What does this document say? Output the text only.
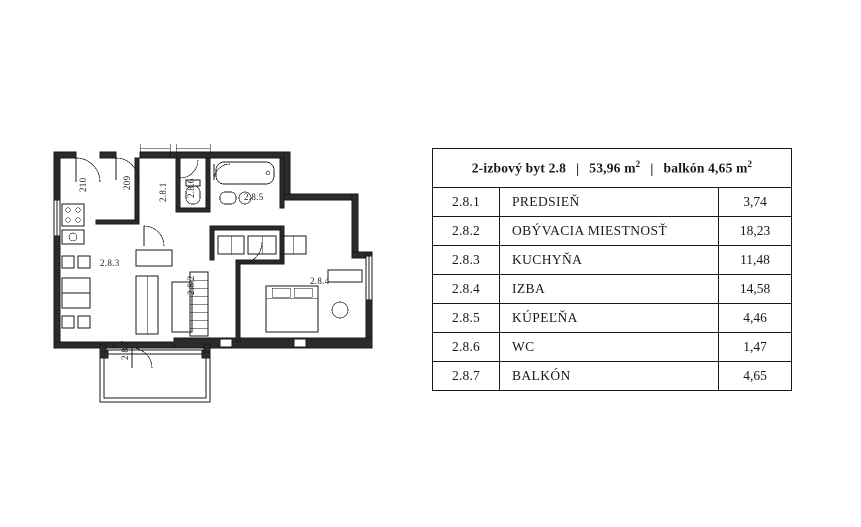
210	209	2.8.6
2.8.1	2.8.5
2.8.3
2.8.2	2.8.4
2.8.7
2-izbový byt 2.8 | 53,96 $m^2$ | balkón 4,65 $m^2$
2.8.1	PREDSIEŇ	3,74
2.8.2	OBÝVACIA MIESTNOSŤ	18,23
2.8.3	KUCHYŇA	11,48
2.8.4	IZBA	14,58
2.8.5	KÚPEĽŇA	4,46
2.8.6	WC	1,47
2.8.7	BALKÓN	4,65
